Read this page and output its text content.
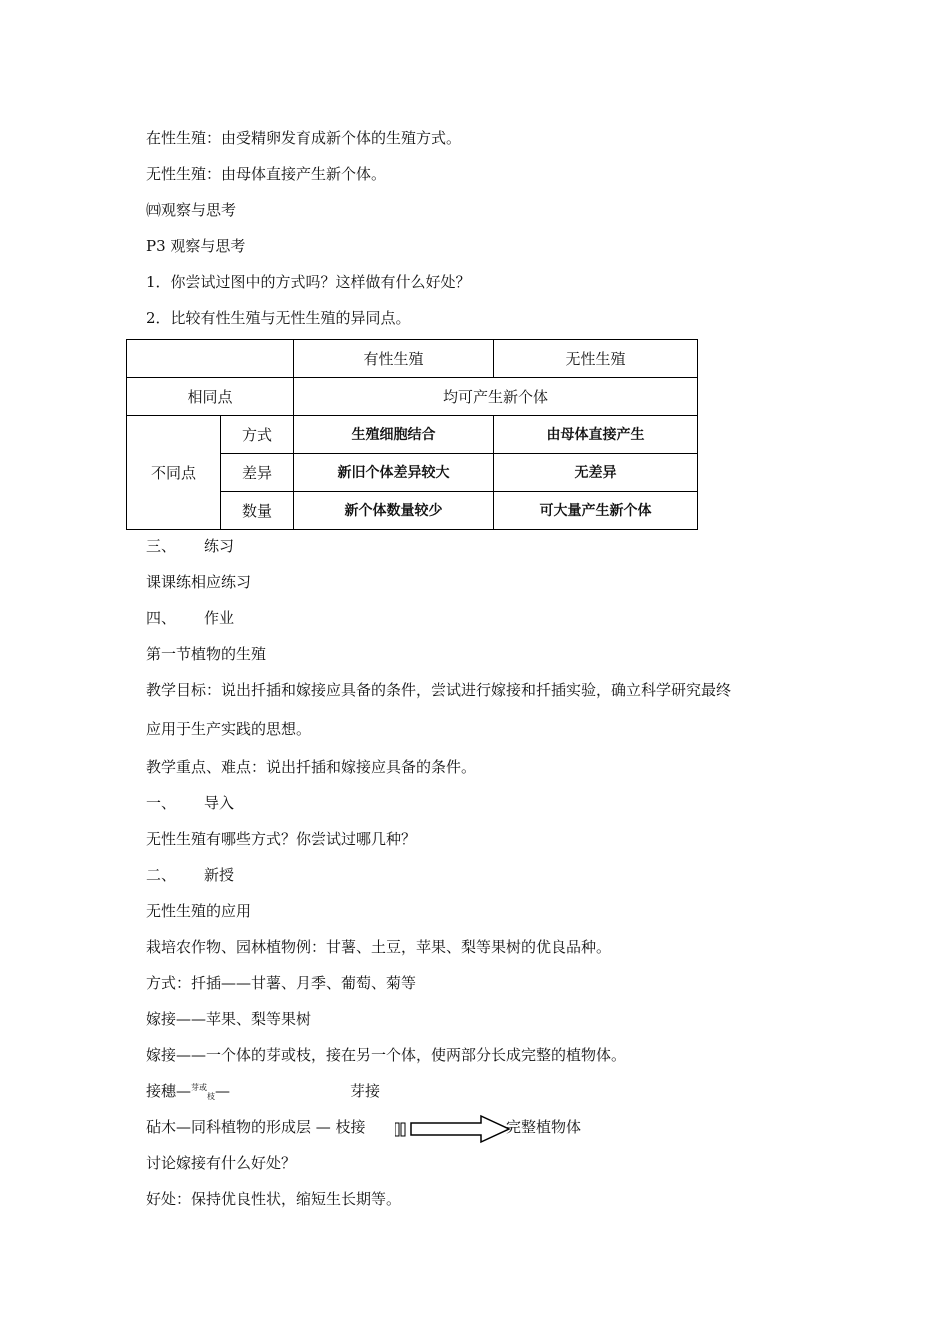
在性生殖：由受精卵发育成新个体的生殖方式。
无性生殖：由母体直接产生新个体。
㈣观察与思考
P3 观察与思考
1．你尝试过图中的方式吗？这样做有什么好处？
2．比较有性生殖与无性生殖的异同点。
		有性生殖	无性生殖
相同点		均可产生新个体	
不同点	方式	生殖细胞结合	由母体直接产生
	差异	新旧个体差异较大	无差异
	数量	新个体数量较少	可大量产生新个体
三、 练习
课课练相应练习
四、 作业
第一节植物的生殖
教学目标：说出扦插和嫁接应具备的条件，尝试进行嫁接和扦插实验，确立科学研究最终
应用于生产实践的思想。
教学重点、难点：说出扦插和嫁接应具备的条件。
一、 导入
无性生殖有哪些方式？你尝试过哪几种？
二、 新授
无性生殖的应用
栽培农作物、园林植物例：甘薯、土豆，苹果、梨等果树的优良品种。
方式：扦插——甘薯、月季、葡萄、菊等
嫁接——苹果、梨等果树
嫁接——一个体的芽或枝，接在另一个体，使两部分长成完整的植物体。
接穗—$^{芽或}_枝$—	芽接
砧木—同科植物的形成层 — 枝接	完整植物体
讨论嫁接有什么好处？
好处：保持优良性状，缩短生长期等。
